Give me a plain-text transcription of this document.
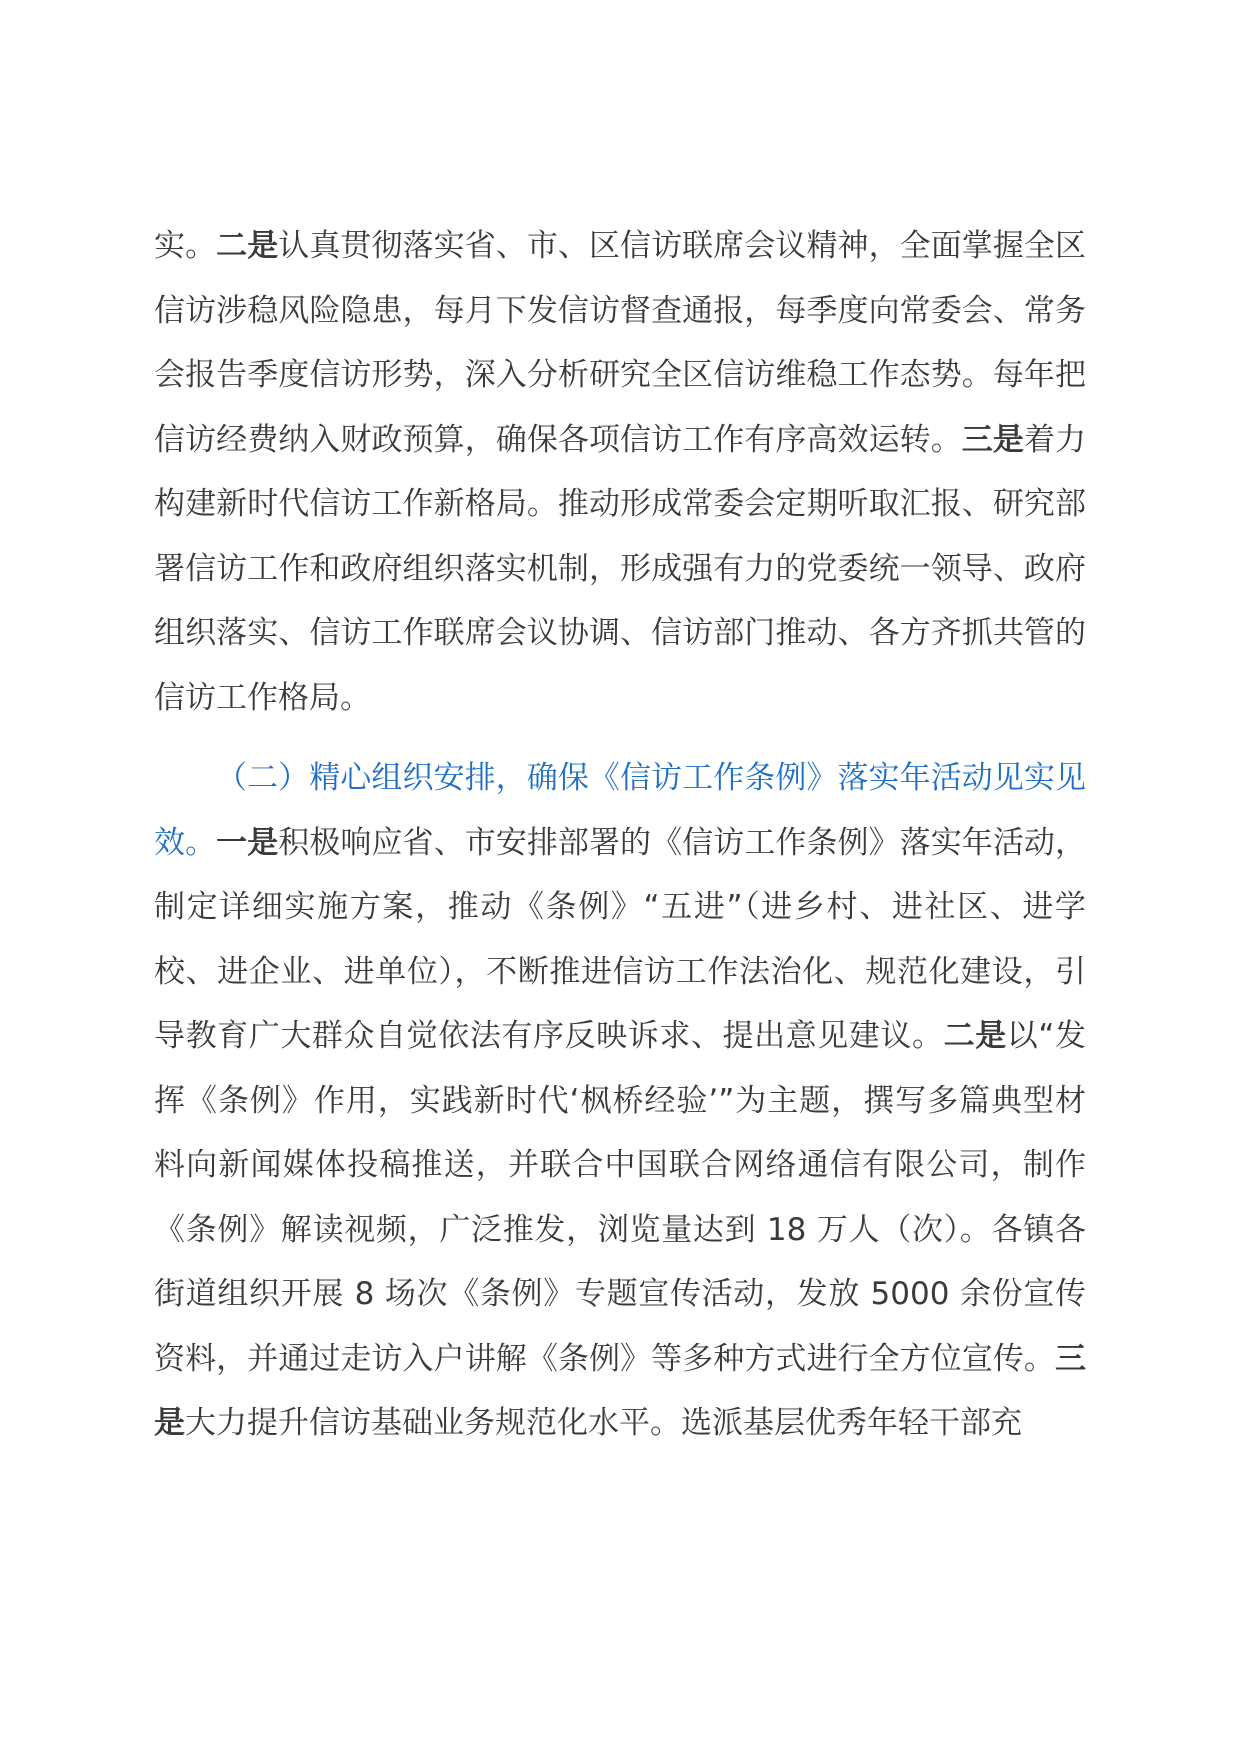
实。二是认真贯彻落实省、市、区信访联席会议精神，全面掌握全区信访涉稳风险隐患，每月下发信访督查通报，每季度向常委会、常务会报告季度信访形势，深入分析研究全区信访维稳工作态势。每年把信访经费纳入财政预算，确保各项信访工作有序高效运转。三是着力构建新时代信访工作新格局。推动形成常委会定期听取汇报、研究部署信访工作和政府组织落实机制，形成强有力的党委统一领导、政府组织落实、信访工作联席会议协调、信访部门推动、各方齐抓共管的信访工作格局。

（二）精心组织安排，确保《信访工作条例》落实年活动见实见效。一是积极响应省、市安排部署的《信访工作条例》落实年活动，制定详细实施方案，推动《条例》“五进”（进乡村、进社区、进学校、进企业、进单位），不断推进信访工作法治化、规范化建设，引导教育广大群众自觉依法有序反映诉求、提出意见建议。二是以“发挥《条例》作用，实践新时代‘枫桥经验’”为主题，撰写多篇典型材料向新闻媒体投稿推送，并联合中国联合网络通信有限公司，制作《条例》解读视频，广泛推发，浏览量达到 18 万人（次）。各镇各街道组织开展 8 场次《条例》专题宣传活动，发放 5000 余份宣传资料，并通过走访入户讲解《条例》等多种方式进行全方位宣传。三是大力提升信访基础业务规范化水平。选派基层优秀年轻干部充
